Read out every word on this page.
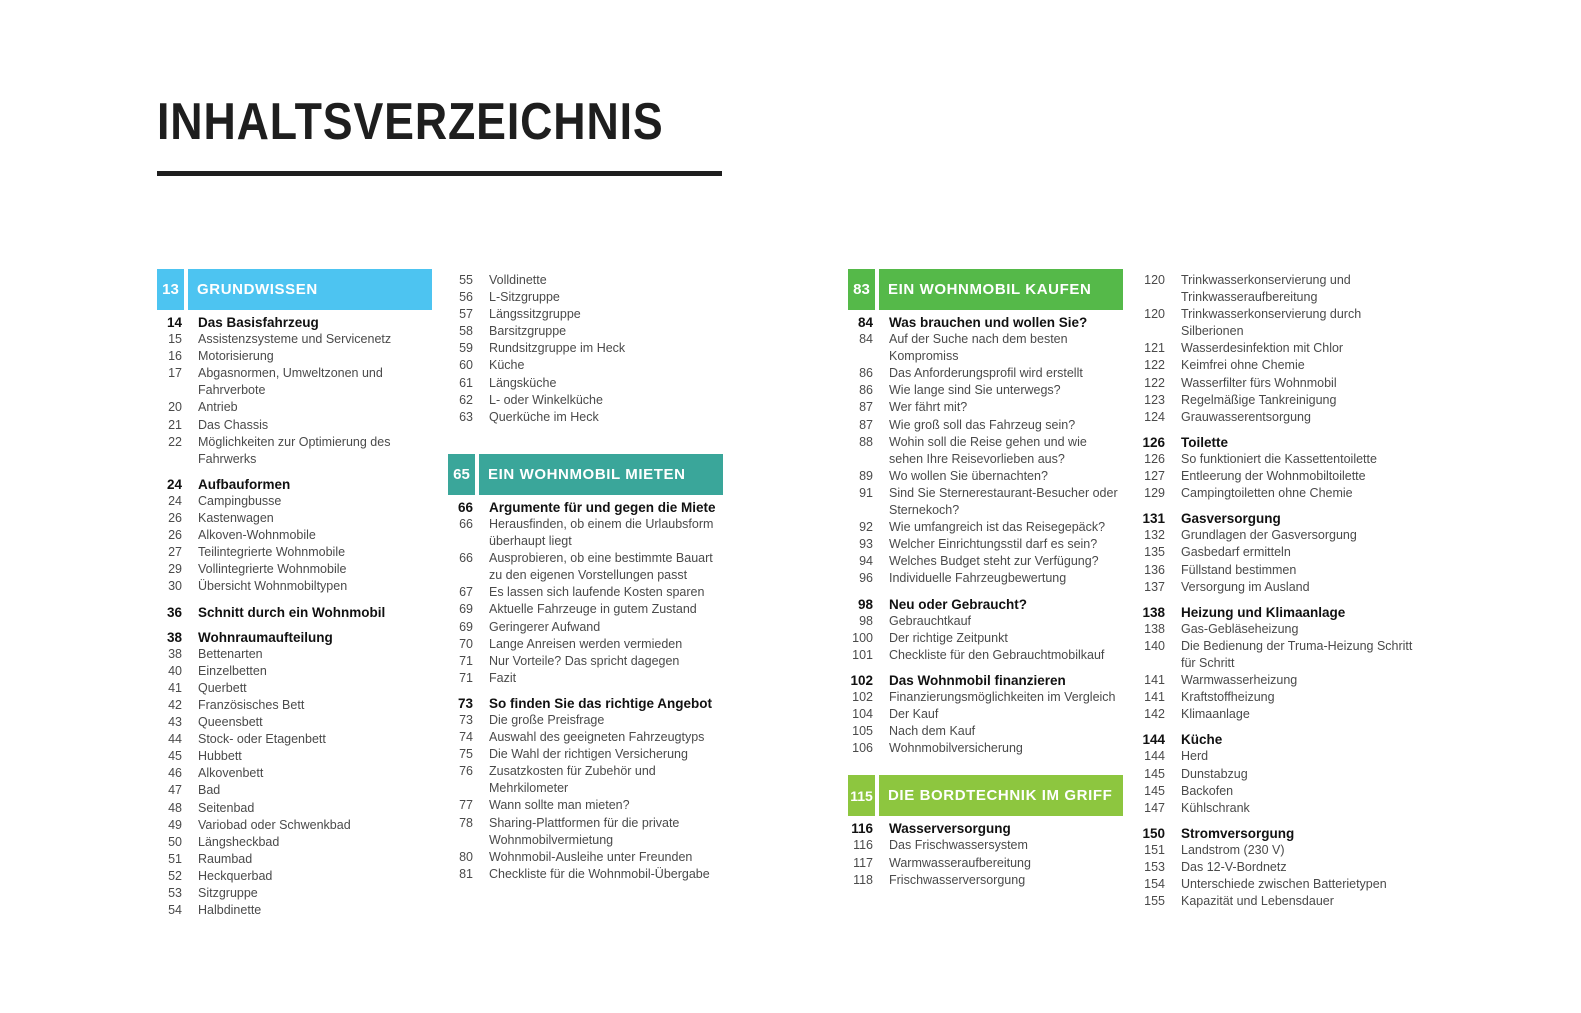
INHALTSVERZEICHNIS
13	GRUNDWISSEN
14 Das Basisfahrzeug
15 Assistenzsysteme und Servicenetz
16 Motorisierung
17 Abgasnormen, Umweltzonen und Fahrverbote
20 Antrieb
21 Das Chassis
22 Möglichkeiten zur Optimierung des Fahrwerks
24 Aufbauformen
24 Campingbusse
26 Kastenwagen
26 Alkoven-Wohnmobile
27 Teilintegrierte Wohnmobile
29 Vollintegrierte Wohnmobile
30 Übersicht Wohnmobiltypen
36 Schnitt durch ein Wohnmobil
38 Wohnraumaufteilung
38 Bettenarten
40 Einzelbetten
41 Querbett
42 Französisches Bett
43 Queensbett
44 Stock- oder Etagenbett
45 Hubbett
46 Alkovenbett
47 Bad
48 Seitenbad
49 Variobad oder Schwenkbad
50 Längsheckbad
51 Raumbad
52 Heckquerbad
53 Sitzgruppe
54 Halbdinette
55 Volldinette
56 L-Sitzgruppe
57 Längssitzgruppe
58 Barsitzgruppe
59 Rundsitzgruppe im Heck
60 Küche
61 Längsküche
62 L- oder Winkelküche
63 Querküche im Heck
65	EIN WOHNMOBIL MIETEN
66 Argumente für und gegen die Miete
66 Herausfinden, ob einem die Urlaubsform überhaupt liegt
66 Ausprobieren, ob eine bestimmte Bauart zu den eigenen Vorstellungen passt
67 Es lassen sich laufende Kosten sparen
69 Aktuelle Fahrzeuge in gutem Zustand
69 Geringerer Aufwand
70 Lange Anreisen werden vermieden
71 Nur Vorteile? Das spricht dagegen
71 Fazit
73 So finden Sie das richtige Angebot
73 Die große Preisfrage
74 Auswahl des geeigneten Fahrzeugtyps
75 Die Wahl der richtigen Versicherung
76 Zusatzkosten für Zubehör und Mehrkilometer
77 Wann sollte man mieten?
78 Sharing-Plattformen für die private Wohnmobilvermietung
80 Wohnmobil-Ausleihe unter Freunden
81 Checkliste für die Wohnmobil-Übergabe
83	EIN WOHNMOBIL KAUFEN
84 Was brauchen und wollen Sie?
84 Auf der Suche nach dem besten Kompromiss
86 Das Anforderungsprofil wird erstellt
86 Wie lange sind Sie unterwegs?
87 Wer fährt mit?
87 Wie groß soll das Fahrzeug sein?
88 Wohin soll die Reise gehen und wie sehen Ihre Reisevorlieben aus?
89 Wo wollen Sie übernachten?
91 Sind Sie Sternerestaurant-Besucher oder Sternekoch?
92 Wie umfangreich ist das Reisegepäck?
93 Welcher Einrichtungsstil darf es sein?
94 Welches Budget steht zur Verfügung?
96 Individuelle Fahrzeugbewertung
98 Neu oder Gebraucht?
98 Gebrauchtkauf
100 Der richtige Zeitpunkt
101 Checkliste für den Gebrauchtmobilkauf
102 Das Wohnmobil finanzieren
102 Finanzierungsmöglichkeiten im Vergleich
104 Der Kauf
105 Nach dem Kauf
106 Wohnmobilversicherung
115	DIE BORDTECHNIK IM GRIFF
116 Wasserversorgung
116 Das Frischwassersystem
117 Warmwasseraufbereitung
118 Frischwasserversorgung
120 Trinkwasserkonservierung und Trinkwasseraufbereitung
120 Trinkwasserkonservierung durch Silberionen
121 Wasserdesinfektion mit Chlor
122 Keimfrei ohne Chemie
122 Wasserfilter fürs Wohnmobil
123 Regelmäßige Tankreinigung
124 Grauwasserentsorgung
126 Toilette
126 So funktioniert die Kassettentoilette
127 Entleerung der Wohnmobiltoilette
129 Campingtoiletten ohne Chemie
131 Gasversorgung
132 Grundlagen der Gasversorgung
135 Gasbedarf ermitteln
136 Füllstand bestimmen
137 Versorgung im Ausland
138 Heizung und Klimaanlage
138 Gas-Gebläseheizung
140 Die Bedienung der Truma-Heizung Schritt für Schritt
141 Warmwasserheizung
141 Kraftstoffheizung
142 Klimaanlage
144 Küche
144 Herd
145 Dunstabzug
145 Backofen
147 Kühlschrank
150 Stromversorgung
151 Landstrom (230 V)
153 Das 12-V-Bordnetz
154 Unterschiede zwischen Batterietypen
155 Kapazität und Lebensdauer
